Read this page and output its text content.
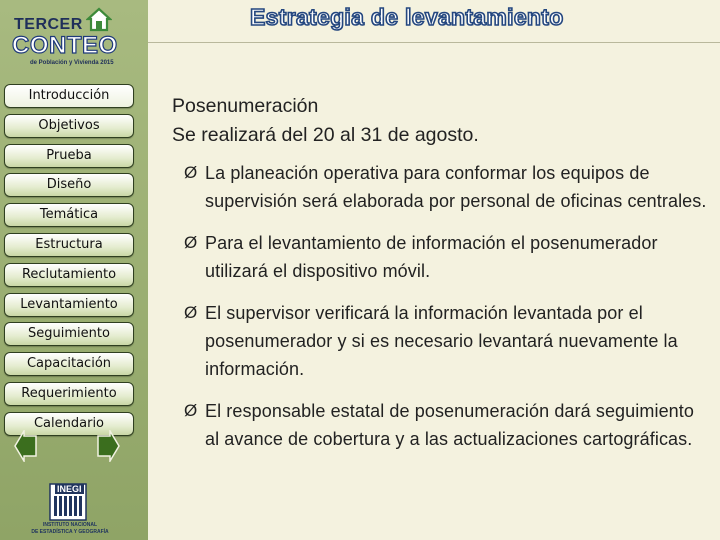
TERCER
CONTEO
de Población y Vivienda 2015
Introducción
Objetivos
Prueba
Diseño
Temática
Estructura
Reclutamiento
Levantamiento
Seguimiento
Capacitación
Requerimiento
Calendario
INEGI
INSTITUTO NACIONAL
DE ESTADÍSTICA Y GEOGRAFÍA
Estrategia de levantamiento

Posenumeración

Se realizará del 20 al 31 de agosto.

Ø La planeación operativa para conformar los equipos de supervisión será elaborada por personal de oficinas centrales.
Ø Para el levantamiento de información el posenumerador utilizará el dispositivo móvil.
Ø El supervisor verificará la información levantada por el posenumerador y si es necesario levantará nuevamente la información.
Ø El responsable estatal de posenumeración dará seguimiento al avance de cobertura y a las actualizaciones cartográficas.
